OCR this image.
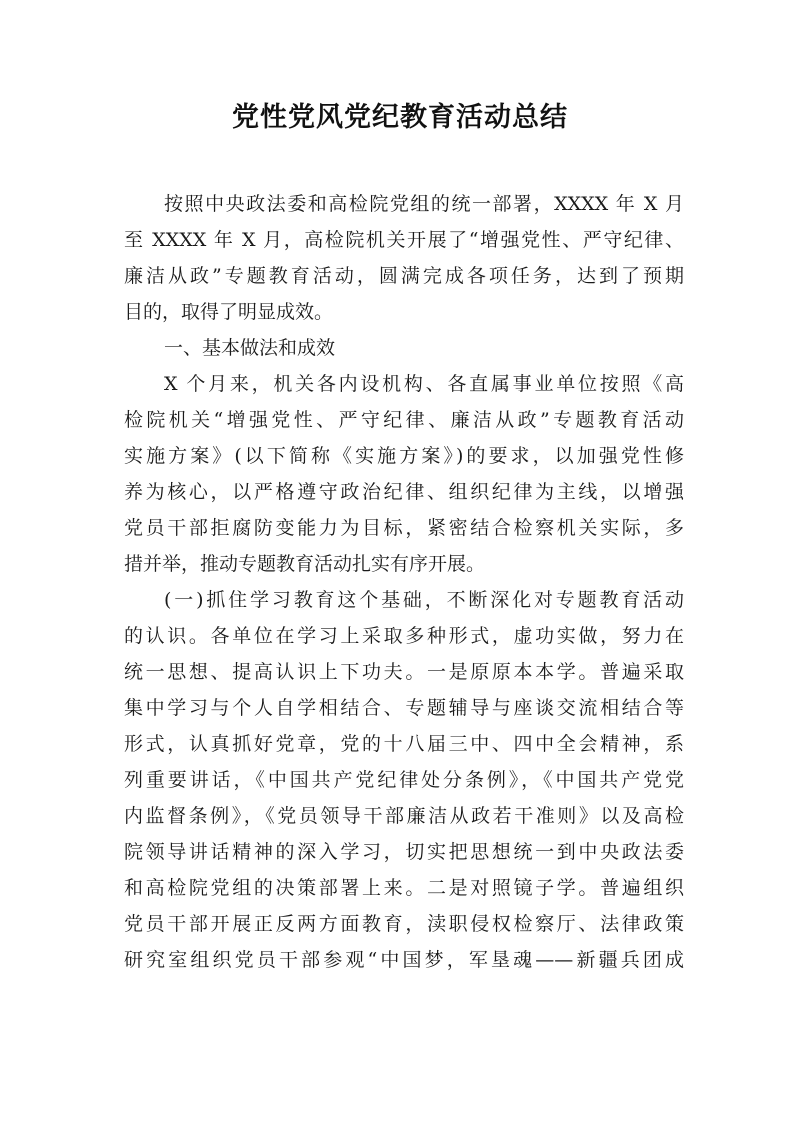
党性党风党纪教育活动总结
按照中央政法委和高检院党组的统一部署，XXXX 年 X 月
至 XXXX 年 X 月，高检院机关开展了“增强党性、严守纪律、
廉洁从政”专题教育活动，圆满完成各项任务，达到了预期
目的，取得了明显成效。
一、基本做法和成效
X 个月来，机关各内设机构、各直属事业单位按照《高
检院机关“增强党性、严守纪律、廉洁从政”专题教育活动
实施方案》(以下简称《实施方案》)的要求，以加强党性修
养为核心，以严格遵守政治纪律、组织纪律为主线，以增强
党员干部拒腐防变能力为目标，紧密结合检察机关实际，多
措并举，推动专题教育活动扎实有序开展。
(一)抓住学习教育这个基础，不断深化对专题教育活动
的认识。各单位在学习上采取多种形式，虚功实做，努力在
统一思想、提高认识上下功夫。一是原原本本学。普遍采取
集中学习与个人自学相结合、专题辅导与座谈交流相结合等
形式，认真抓好党章，党的十八届三中、四中全会精神，系
列重要讲话，《中国共产党纪律处分条例》，《中国共产党党
内监督条例》，《党员领导干部廉洁从政若干准则》以及高检
院领导讲话精神的深入学习，切实把思想统一到中央政法委
和高检院党组的决策部署上来。二是对照镜子学。普遍组织
党员干部开展正反两方面教育，渎职侵权检察厅、法律政策
研究室组织党员干部参观“中国梦，军垦魂——新疆兵团成
